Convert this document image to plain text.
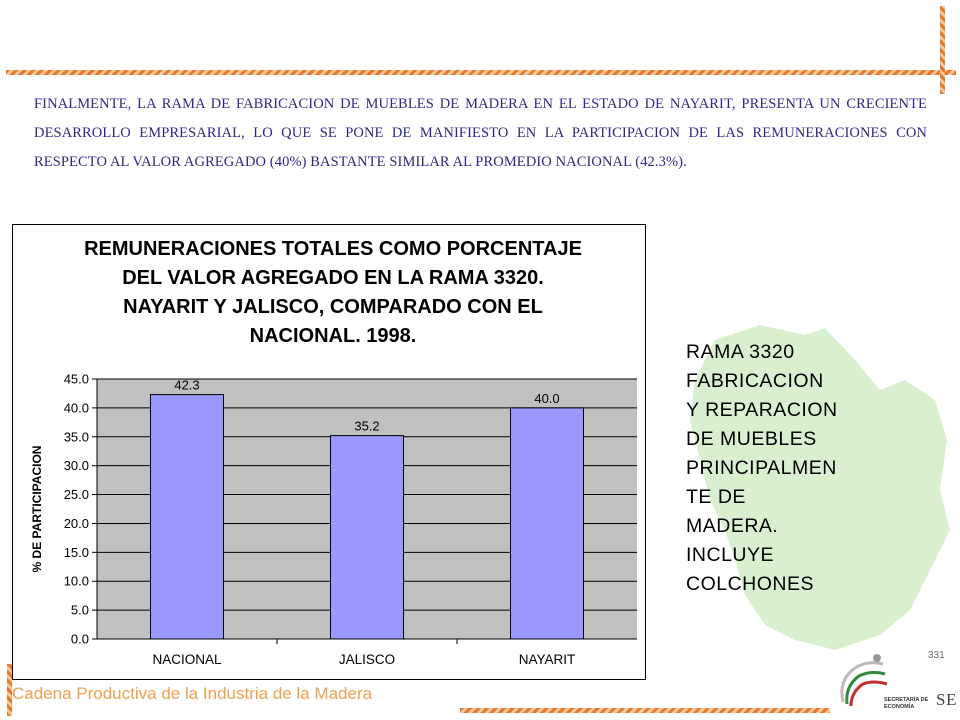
FINALMENTE, LA RAMA DE FABRICACION DE MUEBLES DE MADERA EN EL ESTADO DE NAYARIT, PRESENTA UN CRECIENTE DESARROLLO EMPRESARIAL, LO QUE SE PONE DE MANIFIESTO EN LA PARTICIPACION DE LAS REMUNERACIONES CON RESPECTO AL VALOR AGREGADO (40%) BASTANTE SIMILAR AL PROMEDIO NACIONAL (42.3%).

RAMA 3320
FABRICACION
Y REPARACION
DE MUEBLES
PRINCIPALMEN
TE DE
MADERA.
INCLUYE
COLCHONES

REMUNERACIONES TOTALES COMO PORCENTAJE DEL VALOR AGREGADO EN LA RAMA 3320. NAYARIT Y JALISCO, COMPARADO CON EL NACIONAL. 1998.

0.0
5.0
10.0
15.0
20.0
25.0
30.0
35.0
40.0
45.0	42.3
NACIONAL
35.2
JALISCO
40.0
NAYARIT
% DE PARTICIPACION
331
Cadena Productiva de la Industria de la Madera	SECRETARÍA DE
ECONOMÍA	SE
